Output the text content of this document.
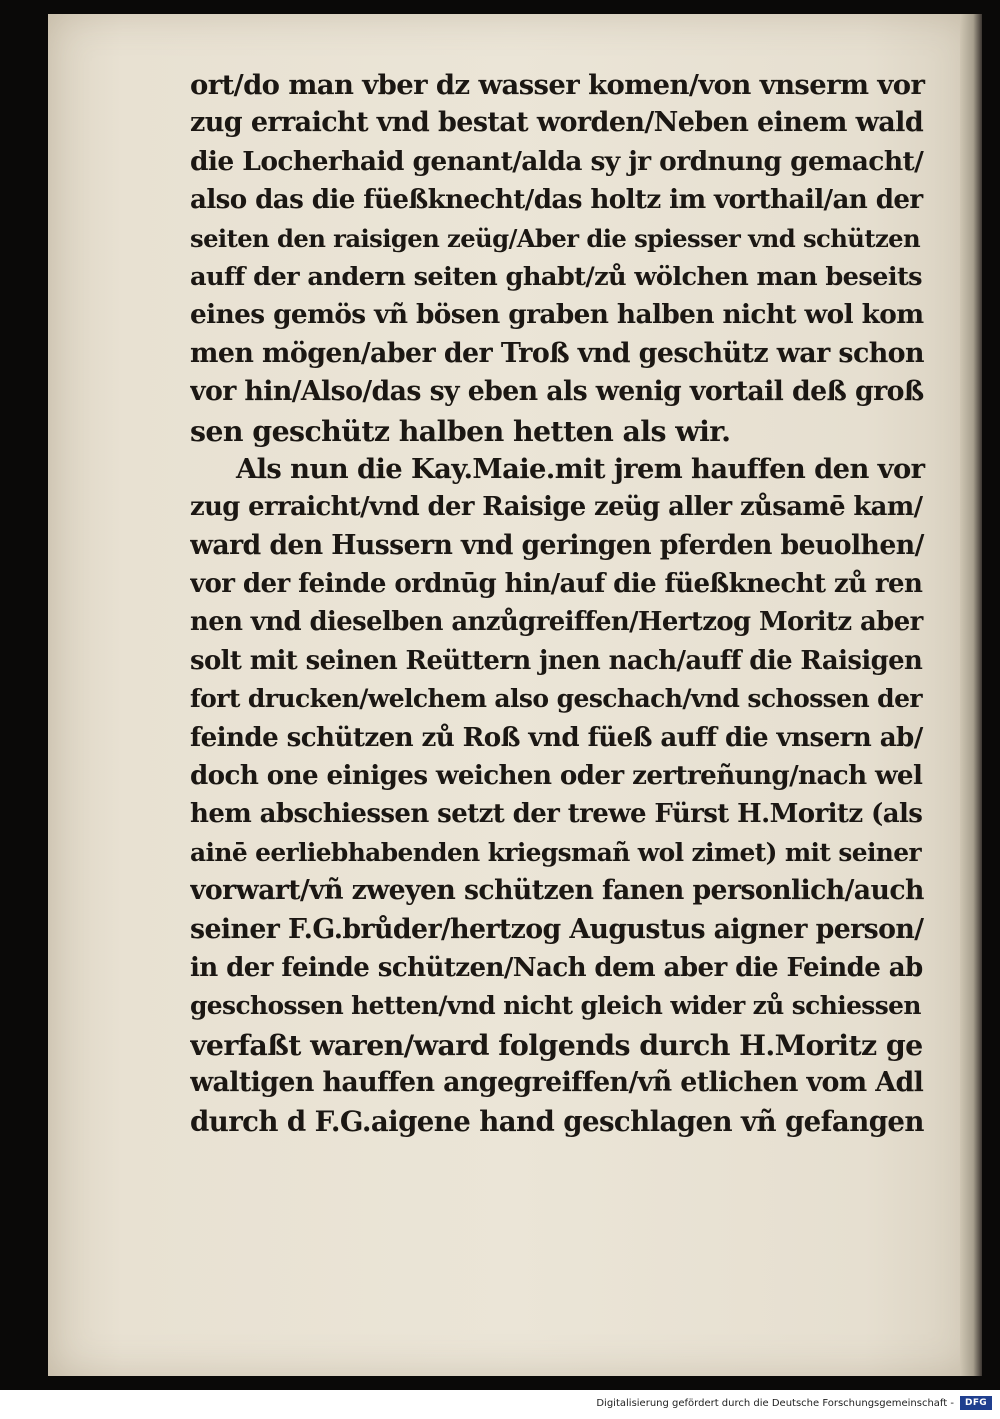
ort/do man vber dz wasser komen/von vnserm vor
zug erraicht vnd bestat worden/Neben einem wald
die Locherhaid genant/alda sy jr ordnung gemacht/
also das die füeßknecht/das holtz im vorthail/an der
seiten den raisigen zeüg/Aber die spiesser vnd schützen
auff der andern seiten ghabt/zů wölchen man beseits
eines gemös vñ bösen graben halben nicht wol kom
men mögen/aber der Troß vnd geschütz war schon
vor hin/Also/das sy eben als wenig vortail deß groß
sen geschütz halben hetten als wir.
Als nun die Kay.Maie.mit jrem hauffen den vor
zug erraicht/vnd der Raisige zeüg aller zůsamē kam/
ward den Hussern vnd geringen pferden beuolhen/
vor der feinde ordnūg hin/auf die füeßknecht zů ren
nen vnd dieselben anzůgreiffen/Hertzog Moritz aber
solt mit seinen Reüttern jnen nach/auff die Raisigen
fort drucken/welchem also geschach/vnd schossen der
feinde schützen zů Roß vnd füeß auff die vnsern ab/
doch one einiges weichen oder zertreñung/nach wel
hem abschiessen setzt der trewe Fürst H.Moritz (als
ainē eerliebhabenden kriegsmañ wol zimet) mit seiner
vorwart/vñ zweyen schützen fanen personlich/auch
seiner F.G.brůder/hertzog Augustus aigner person/
in der feinde schützen/Nach dem aber die Feinde ab
geschossen hetten/vnd nicht gleich wider zů schiessen
verfaßt waren/ward folgends durch H.Moritz ge
waltigen hauffen angegreiffen/vñ etlichen vom Adl
durch d F.G.aigene hand geschlagen vñ gefangen
Digitalisierung gefördert durch die Deutsche Forschungsgemeinschaft -	DFG
